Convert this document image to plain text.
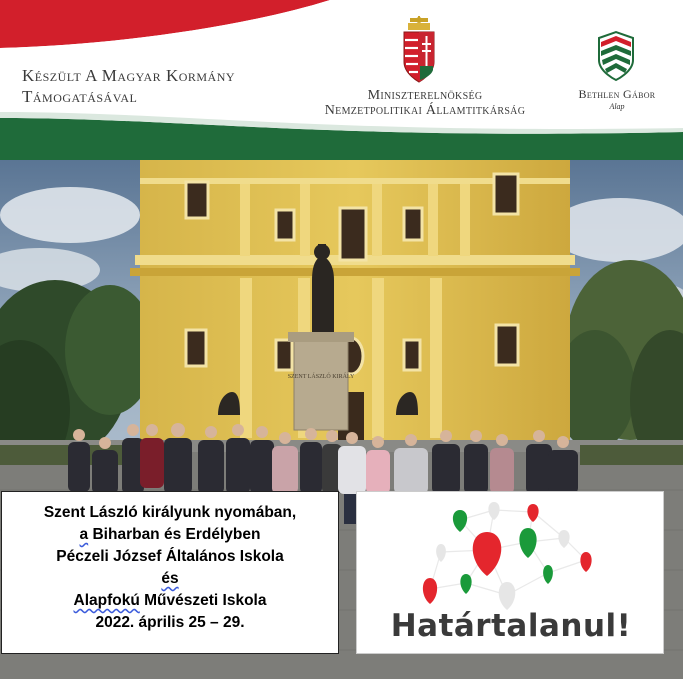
Készült A Magyar Kormány
Támogatásával	Miniszterelnökség
Nemzetpolitikai Államtitkárság
Bethlen Gábor
Alap
SZENT LÁSZLÓ KIRÁLY
Szent László királyunk nyomában,
a Biharban és Erdélyben
Péczeli József Általános Iskola
és
Alapfokú Művészeti Iskola
2022. április 25 – 29.	Határtalanul!
